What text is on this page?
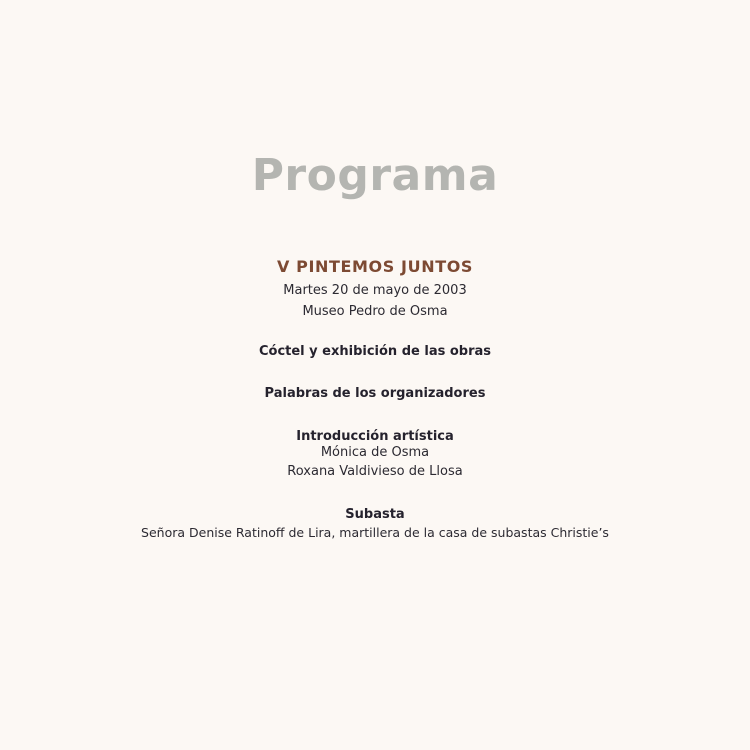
Programa
V PINTEMOS JUNTOS
Martes 20 de mayo de 2003
Museo Pedro de Osma
Cóctel y exhibición de las obras
Palabras de los organizadores
Introducción artística
Mónica de Osma
Roxana Valdivieso de Llosa
Subasta
Señora Denise Ratinoff de Lira, martillera de la casa de subastas Christie’s
